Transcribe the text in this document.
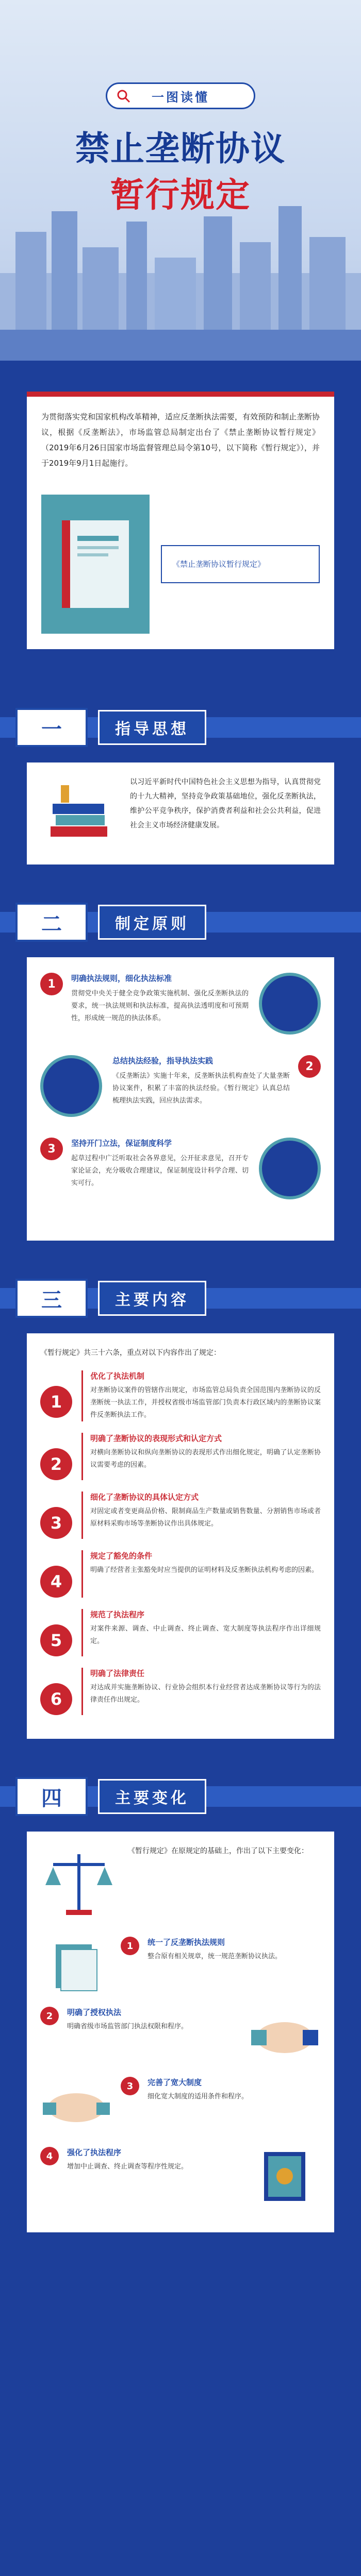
一图读懂
禁止垄断协议
暂行规定

为贯彻落实党和国家机构改革精神，适应反垄断执法需要，有效预防和制止垄断协议，根据《反垄断法》，市场监管总局制定出台了《禁止垄断协议暂行规定》（2019年6月26日国家市场监督管理总局令第10号，以下简称《暂行规定》），并于2019年9月1日起施行。

《禁止垄断协议暂行规定》
一	指导思想

以习近平新时代中国特色社会主义思想为指导，认真贯彻党的十九大精神，坚持竞争政策基础地位，强化反垄断执法，维护公平竞争秩序，保护消费者利益和社会公共利益，促进社会主义市场经济健康发展。

二	制定原则
1	明确执法规则，细化执法标准
贯彻党中央关于健全竞争政策实施机制、强化反垄断执法的要求，统一执法规则和执法标准，提高执法透明度和可预期性，形成统一规范的执法体系。
2
总结执法经验，指导执法实践
《反垄断法》实施十年来，反垄断执法机构查处了大量垄断协议案件，积累了丰富的执法经验。《暂行规定》认真总结梳理执法实践，回应执法需求。
3	坚持开门立法，保证制度科学
起草过程中广泛听取社会各界意见，公开征求意见，召开专家论证会，充分吸收合理建议，保证制度设计科学合理、切实可行。
三	主要内容

《暂行规定》共三十六条，重点对以下内容作出了规定：

1
优化了执法机制
对垄断协议案件的管辖作出规定，市场监管总局负责全国范围内垄断协议的反垄断统一执法工作，并授权省级市场监管部门负责本行政区域内的垄断协议案件反垄断执法工作。
2
明确了垄断协议的表现形式和认定方式
对横向垄断协议和纵向垄断协议的表现形式作出细化规定，明确了认定垄断协议需要考虑的因素。
3
细化了垄断协议的具体认定方式
对固定或者变更商品价格、限制商品生产数量或销售数量、分割销售市场或者原材料采购市场等垄断协议作出具体规定。
4
规定了豁免的条件
明确了经营者主张豁免时应当提供的证明材料及反垄断执法机构考虑的因素。
5
规范了执法程序
对案件来源、调查、中止调查、终止调查、宽大制度等执法程序作出详细规定。
6
明确了法律责任
对达成并实施垄断协议、行业协会组织本行业经营者达成垄断协议等行为的法律责任作出规定。
四	主要变化

《暂行规定》在原规定的基础上，作出了以下主要变化：

1	统一了反垄断执法规则
整合原有相关规章，统一规范垄断协议执法。
2	明确了授权执法
明确省级市场监管部门执法权限和程序。
3	完善了宽大制度
细化宽大制度的适用条件和程序。
4	强化了执法程序
增加中止调查、终止调查等程序性规定。
